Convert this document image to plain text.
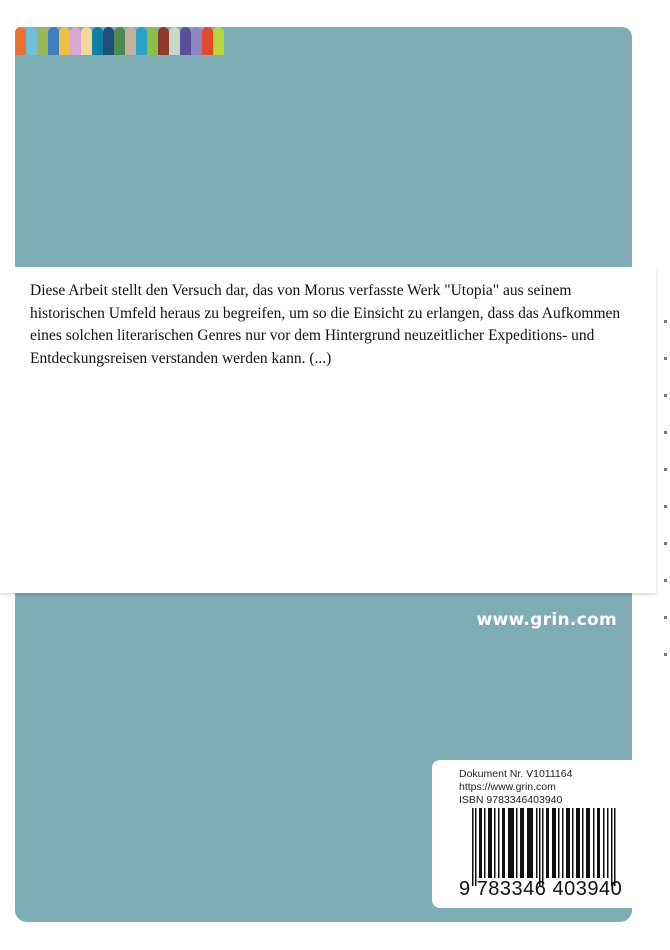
Diese Arbeit stellt den Versuch dar, das von Morus verfasste Werk "Utopia" aus seinem historischen Umfeld heraus zu begreifen, um so die Einsicht zu erlangen, dass das Aufkommen eines solchen literarischen Genres nur vor dem Hintergrund neuzeitlicher Expeditions- und Entdeckungsreisen verstanden werden kann. (...)

www.grin.com
Dokument Nr. V1011164
https://www.grin.com
ISBN 9783346403940
9 783346 403940
